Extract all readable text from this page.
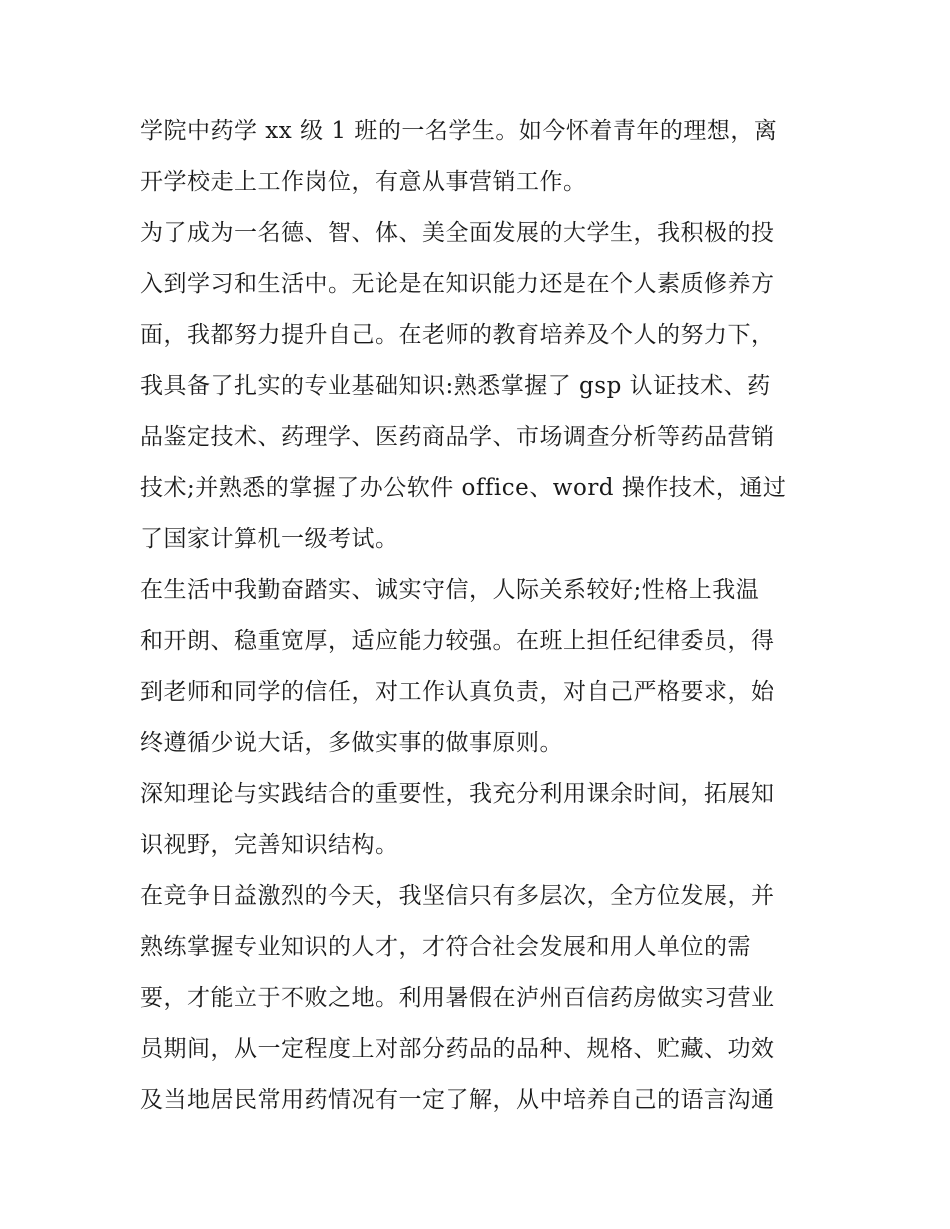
学院中药学 xx 级 1 班的一名学生。如今怀着青年的理想，离
开学校走上工作岗位，有意从事营销工作。
为了成为一名德、智、体、美全面发展的大学生，我积极的投
入到学习和生活中。无论是在知识能力还是在个人素质修养方
面，我都努力提升自己。在老师的教育培养及个人的努力下，
我具备了扎实的专业基础知识:熟悉掌握了 gsp 认证技术、药
品鉴定技术、药理学、医药商品学、市场调查分析等药品营销
技术;并熟悉的掌握了办公软件 office、word 操作技术，通过
了国家计算机一级考试。
在生活中我勤奋踏实、诚实守信，人际关系较好;性格上我温
和开朗、稳重宽厚，适应能力较强。在班上担任纪律委员，得
到老师和同学的信任，对工作认真负责，对自己严格要求，始
终遵循少说大话，多做实事的做事原则。
深知理论与实践结合的重要性，我充分利用课余时间，拓展知
识视野，完善知识结构。
在竞争日益激烈的今天，我坚信只有多层次，全方位发展，并
熟练掌握专业知识的人才，才符合社会发展和用人单位的需
要，才能立于不败之地。利用暑假在泸州百信药房做实习营业
员期间，从一定程度上对部分药品的品种、规格、贮藏、功效
及当地居民常用药情况有一定了解，从中培养自己的语言沟通
